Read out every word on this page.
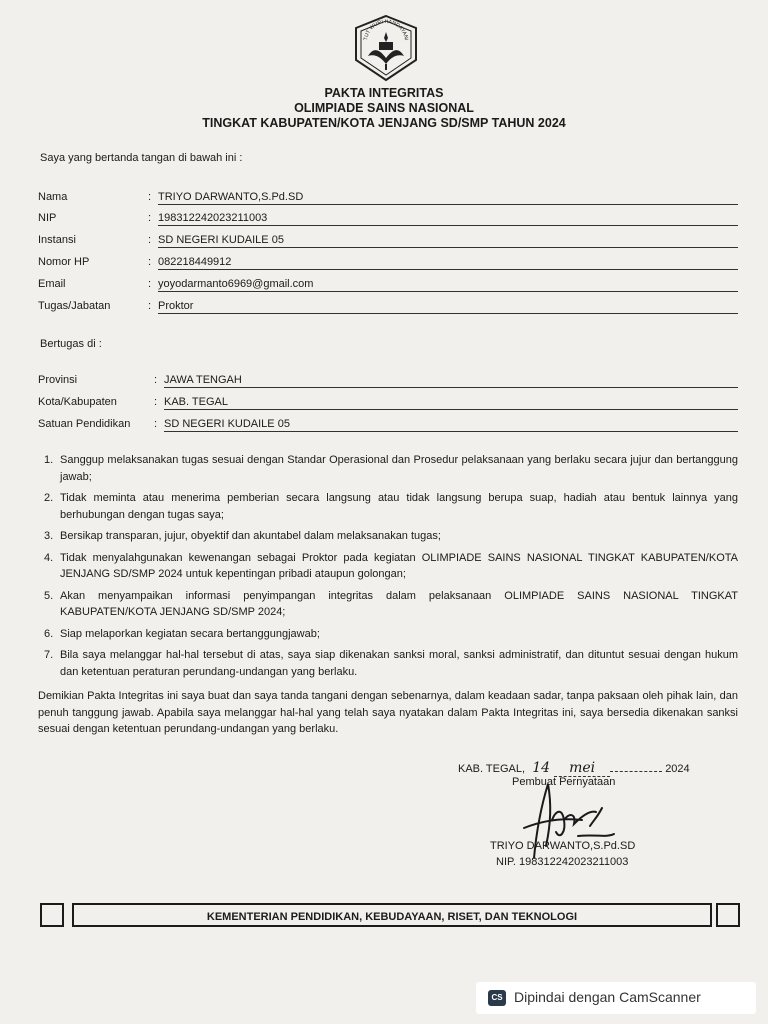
TUT WURI HANDAYANI
PAKTA INTEGRITAS
OLIMPIADE SAINS NASIONAL
TINGKAT KABUPATEN/KOTA JENJANG SD/SMP TAHUN 2024
Saya yang bertanda tangan di bawah ini :
Nama	: TRIYO DARWANTO,S.Pd.SD
NIP	: 198312242023211003
Instansi	: SD NEGERI KUDAILE 05
Nomor HP	: 082218449912
Email	: yoyodarmanto6969@gmail.com
Tugas/Jabatan	: Proktor
Bertugas di :
Provinsi	: JAWA TENGAH
Kota/Kabupaten	: KAB. TEGAL
Satuan Pendidikan : SD NEGERI KUDAILE 05
1. Sanggup melaksanakan tugas sesuai dengan Standar Operasional dan Prosedur pelaksanaan yang berlaku secara jujur dan bertanggung jawab;
2. Tidak meminta atau menerima pemberian secara langsung atau tidak langsung berupa suap, hadiah atau bentuk lainnya yang berhubungan dengan tugas saya;
3. Bersikap transparan, jujur, obyektif dan akuntabel dalam melaksanakan tugas;
4. Tidak menyalahgunakan kewenangan sebagai Proktor pada kegiatan OLIMPIADE SAINS NASIONAL TINGKAT KABUPATEN/KOTA JENJANG SD/SMP 2024 untuk kepentingan pribadi ataupun golongan;
5. Akan menyampaikan informasi penyimpangan integritas dalam pelaksanaan OLIMPIADE SAINS NASIONAL TINGKAT KABUPATEN/KOTA JENJANG SD/SMP 2024;
6. Siap melaporkan kegiatan secara bertanggungjawab;
7. Bila saya melanggar hal-hal tersebut di atas, saya siap dikenakan sanksi moral, sanksi administratif, dan dituntut sesuai dengan hukum dan ketentuan peraturan perundang-undangan yang berlaku.
Demikian Pakta Integritas ini saya buat dan saya tanda tangani dengan sebenarnya, dalam keadaan sadar, tanpa paksaan oleh pihak lain, dan penuh tanggung jawab. Apabila saya melanggar hal-hal yang telah saya nyatakan dalam Pakta Integritas ini, saya bersedia dikenakan sanksi sesuai dengan ketentuan perundang-undangan yang berlaku.
KAB. TEGAL, 14 mei	2024
Pembuat Pernyataan
TRIYO DARWANTO,S.Pd.SD
NIP. 198312242023211003
KEMENTERIAN PENDIDIKAN, KEBUDAYAAN, RISET, DAN TEKNOLOGI
CS Dipindai dengan CamScanner
